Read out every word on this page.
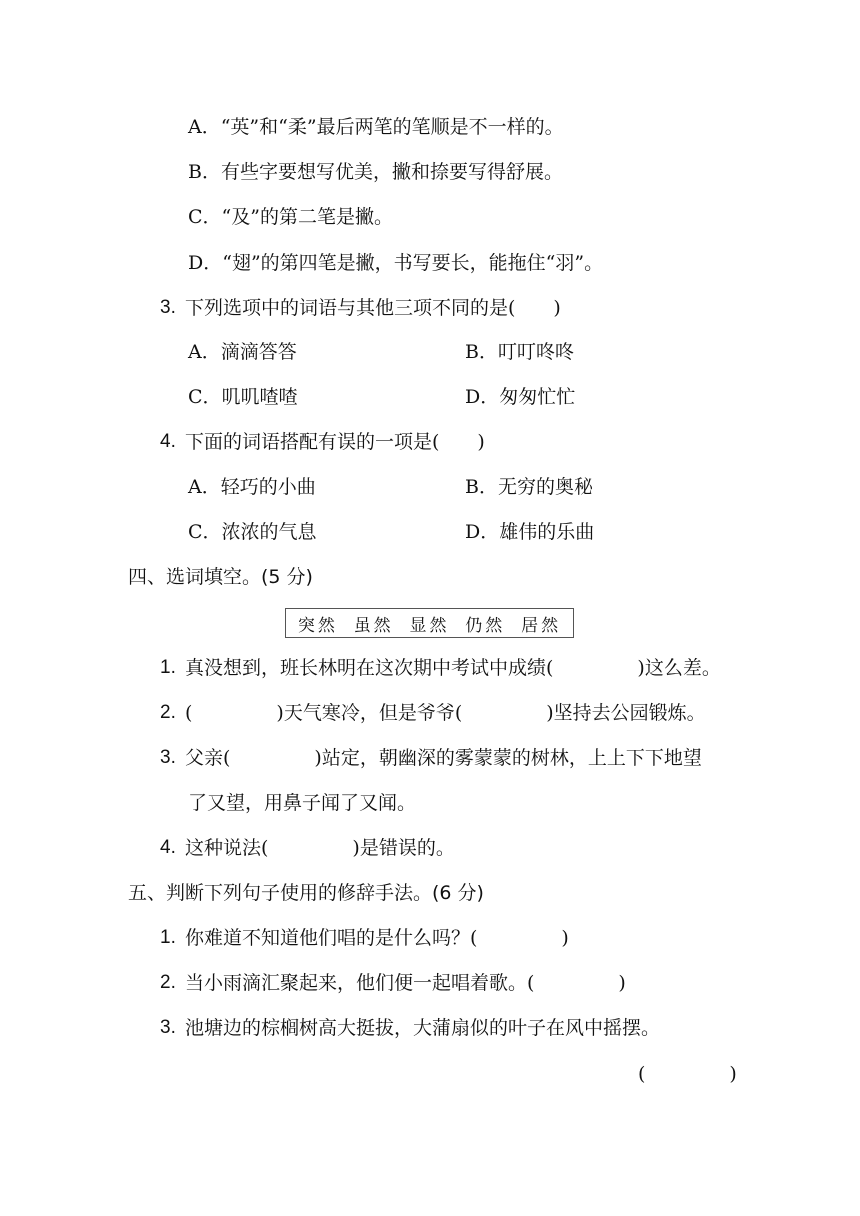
A．“英”和“柔”最后两笔的笔顺是不一样的。
B．有些字要想写优美，撇和捺要写得舒展。
C．“及”的第二笔是撇。
D．“翅”的第四笔是撇，书写要长，能拖住“羽”。
3. 下列选项中的词语与其他三项不同的是(　　)
A．滴滴答答	B．叮叮咚咚
C．叽叽喳喳	D．匆匆忙忙
4. 下面的词语搭配有误的一项是(　　)
A．轻巧的小曲	B．无穷的奥秘
C．浓浓的气息	D．雄伟的乐曲
四、选词填空。(5 分)
突然 虽然 显然 仍然 居然
1. 真没想到，班长林明在这次期中考试中成绩(	)这么差。
2. (	)天气寒冷，但是爷爷(	)坚持去公园锻炼。
3. 父亲(	)站定，朝幽深的雾蒙蒙的树林，上上下下地望
了又望，用鼻子闻了又闻。
4. 这种说法(	)是错误的。
五、判断下列句子使用的修辞手法。(6 分)
1. 你难道不知道他们唱的是什么吗？(	)
2. 当小雨滴汇聚起来，他们便一起唱着歌。(	)
3. 池塘边的棕榈树高大挺拔，大蒲扇似的叶子在风中摇摆。
(	)
